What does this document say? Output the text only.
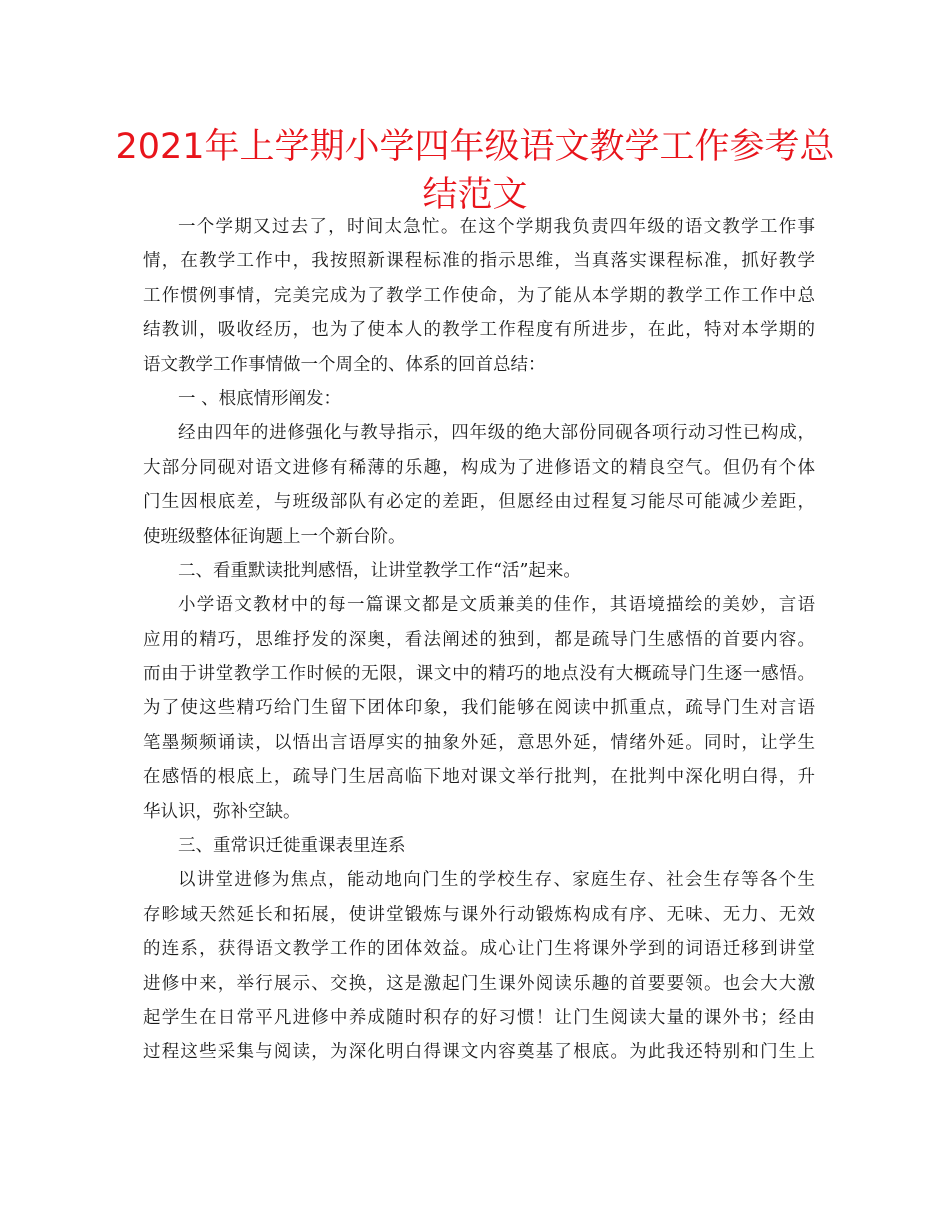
2021年上学期小学四年级语文教学工作参考总
结范文
一个学期又过去了，时间太急忙。在这个学期我负责四年级的语文教学工作事
情，在教学工作中，我按照新课程标准的指示思维，当真落实课程标准，抓好教学
工作惯例事情，完美完成为了教学工作使命，为了能从本学期的教学工作工作中总
结教训，吸收经历，也为了使本人的教学工作程度有所进步，在此，特对本学期的
语文教学工作事情做一个周全的、体系的回首总结：
一 、根底情形阐发：
经由四年的进修强化与教导指示，四年级的绝大部份同砚各项行动习性已构成，
大部分同砚对语文进修有稀薄的乐趣，构成为了进修语文的精良空气。但仍有个体
门生因根底差，与班级部队有必定的差距，但愿经由过程复习能尽可能减少差距，
使班级整体征询题上一个新台阶。
二、看重默读批判感悟，让讲堂教学工作“活”起来。
小学语文教材中的每一篇课文都是文质兼美的佳作，其语境描绘的美妙，言语
应用的精巧，思维抒发的深奥，看法阐述的独到，都是疏导门生感悟的首要内容。
而由于讲堂教学工作时候的无限，课文中的精巧的地点没有大概疏导门生逐一感悟。
为了使这些精巧给门生留下团体印象，我们能够在阅读中抓重点，疏导门生对言语
笔墨频频诵读，以悟出言语厚实的抽象外延，意思外延，情绪外延。同时，让学生
在感悟的根底上，疏导门生居高临下地对课文举行批判，在批判中深化明白得，升
华认识，弥补空缺。
三、重常识迁徙重课表里连系
以讲堂进修为焦点，能动地向门生的学校生存、家庭生存、社会生存等各个生
存畛域天然延长和拓展，使讲堂锻炼与课外行动锻炼构成有序、无味、无力、无效
的连系，获得语文教学工作的团体效益。成心让门生将课外学到的词语迁移到讲堂
进修中来，举行展示、交换，这是激起门生课外阅读乐趣的首要要领。也会大大激
起学生在日常平凡进修中养成随时积存的好习惯！让门生阅读大量的课外书；经由
过程这些采集与阅读，为深化明白得课文内容奠基了根底。为此我还特别和门生上
